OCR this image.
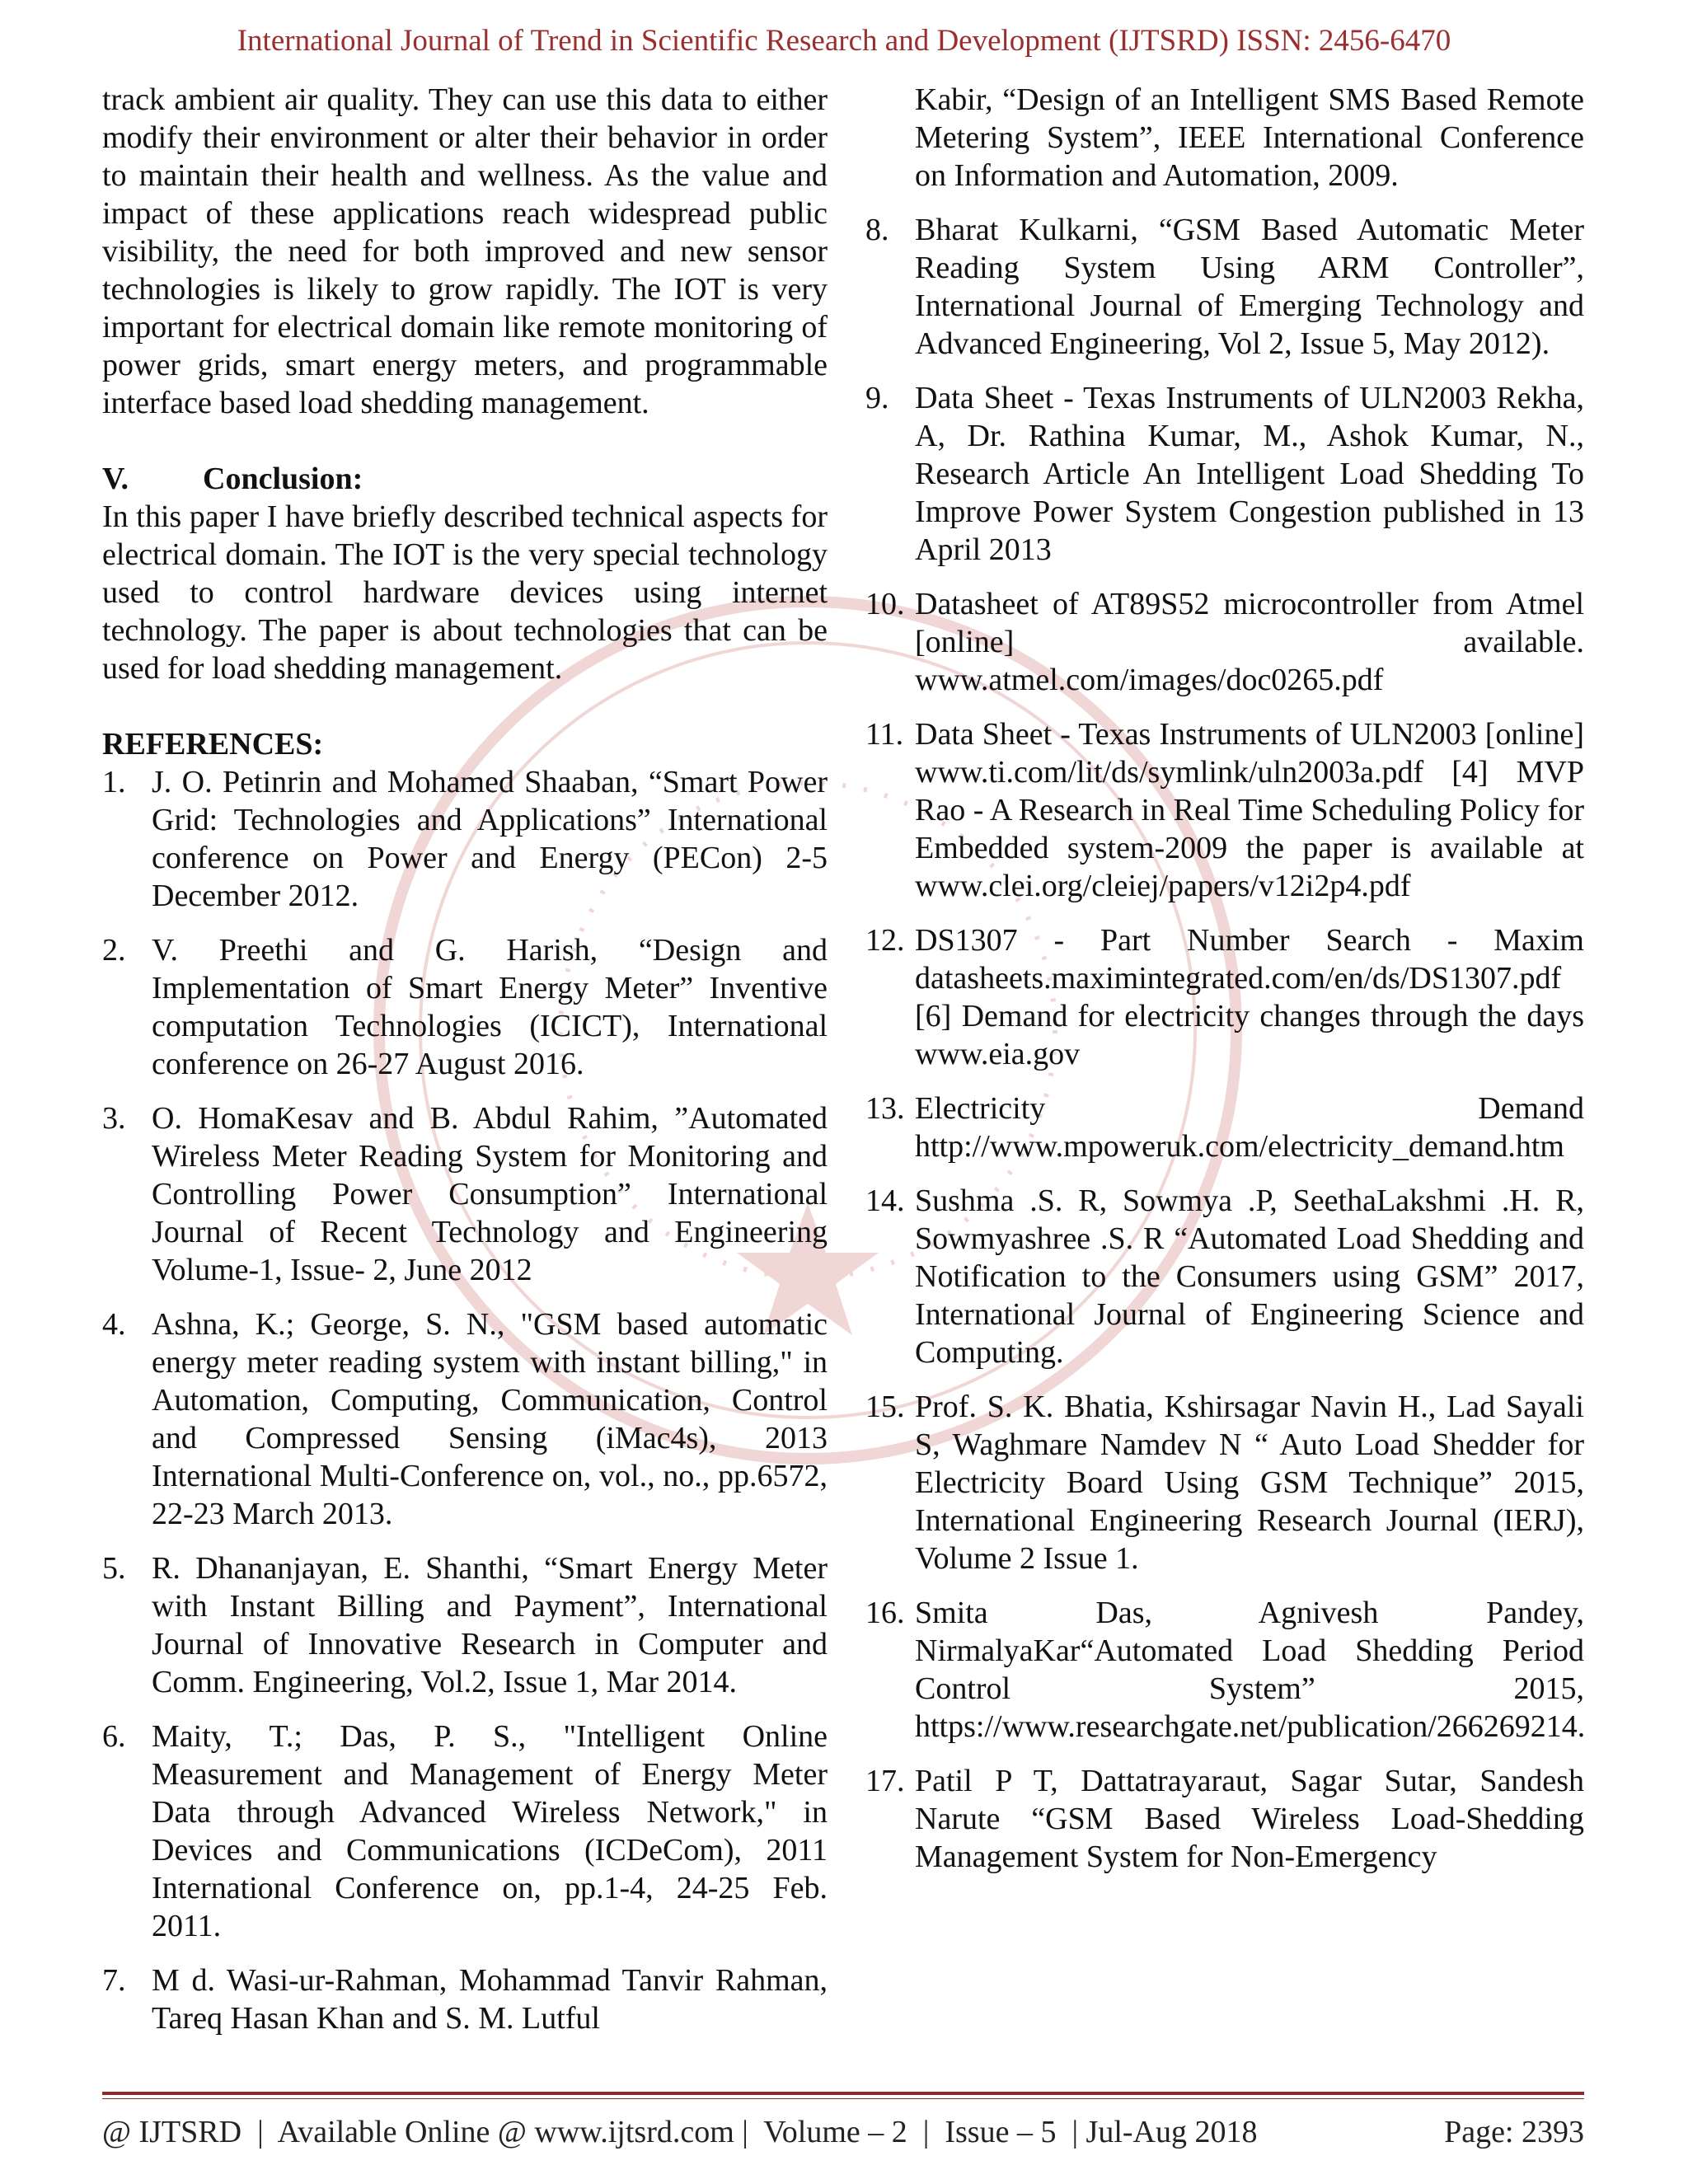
International Journal of Trend in Scientific Research and Development (IJTSRD) ISSN: 2456-6470

track ambient air quality. They can use this data to either modify their environment or alter their behavior in order to maintain their health and wellness. As the value and impact of these applications reach widespread public visibility, the need for both improved and new sensor technologies is likely to grow rapidly. The IOT is very important for electrical domain like remote monitoring of power grids, smart energy meters, and programmable interface based load shedding management.

V. Conclusion:

In this paper I have briefly described technical aspects for electrical domain. The IOT is the very special technology used to control hardware devices using internet technology. The paper is about technologies that can be used for load shedding management.

REFERENCES:
1. J. O. Petinrin and Mohamed Shaaban, “Smart Power Grid: Technologies and Applications” International conference on Power and Energy (PECon) 2-5 December 2012.
2. V. Preethi and G. Harish, “Design and Implementation of Smart Energy Meter” Inventive computation Technologies (ICICT), International conference on 26-27 August 2016.
3. O. HomaKesav and B. Abdul Rahim, ”Automated Wireless Meter Reading System for Monitoring and Controlling Power Consumption” International Journal of Recent Technology and Engineering Volume-1, Issue- 2, June 2012
4. Ashna, K.; George, S. N., "GSM based automatic energy meter reading system with instant billing," in Automation, Computing, Communication, Control and Compressed Sensing (iMac4s), 2013 International Multi-Conference on, vol., no., pp.6572, 22-23 March 2013.
5. R. Dhananjayan, E. Shanthi, “Smart Energy Meter with Instant Billing and Payment”, International Journal of Innovative Research in Computer and Comm. Engineering, Vol.2, Issue 1, Mar 2014.
6. Maity, T.; Das, P. S., "Intelligent Online Measurement and Management of Energy Meter Data through Advanced Wireless Network," in Devices and Communications (ICDeCom), 2011 International Conference on, pp.1-4, 24-25 Feb. 2011.
7. M d. Wasi-ur-Rahman, Mohammad Tanvir Rahman, Tareq Hasan Khan and S. M. Lutful

Kabir, “Design of an Intelligent SMS Based Remote Metering System”, IEEE International Conference on Information and Automation, 2009.

8. Bharat Kulkarni, “GSM Based Automatic Meter Reading System Using ARM Controller”, International Journal of Emerging Technology and Advanced Engineering, Vol 2, Issue 5, May 2012).
9. Data Sheet - Texas Instruments of ULN2003 Rekha, A, Dr. Rathina Kumar, M., Ashok Kumar, N., Research Article An Intelligent Load Shedding To Improve Power System Congestion published in 13 April 2013
10. Datasheet of AT89S52 microcontroller from Atmel [online] available. www.atmel.com/images/doc0265.pdf
11. Data Sheet - Texas Instruments of ULN2003 [online] www.ti.com/lit/ds/symlink/uln2003a.pdf [4] MVP Rao - A Research in Real Time Scheduling Policy for Embedded system-2009 the paper is available at www.clei.org/cleiej/papers/v12i2p4.pdf
12. DS1307 - Part Number Search - Maxim datasheets.maximintegrated.com/en/ds/DS1307.pdf [6] Demand for electricity changes through the days www.eia.gov
13. Electricity Demand http://www.mpoweruk.com/electricity_demand.htm
14. Sushma .S. R, Sowmya .P, SeethaLakshmi .H. R, Sowmyashree .S. R “Automated Load Shedding and Notification to the Consumers using GSM” 2017, International Journal of Engineering Science and Computing.
15. Prof. S. K. Bhatia, Kshirsagar Navin H., Lad Sayali S, Waghmare Namdev N “ Auto Load Shedder for Electricity Board Using GSM Technique” 2015, International Engineering Research Journal (IERJ), Volume 2 Issue 1.
16. Smita Das, Agnivesh Pandey, NirmalyaKar“Automated Load Shedding Period Control System” 2015, https://www.researchgate.net/publication/266269214.
17. Patil P T, Dattatrayaraut, Sagar Sutar, Sandesh Narute “GSM Based Wireless Load-Shedding Management System for Non-Emergency
@ IJTSRD  |  Available Online @ www.ijtsrd.com |  Volume – 2  |  Issue – 5  | Jul-Aug 2018	Page: 2393
